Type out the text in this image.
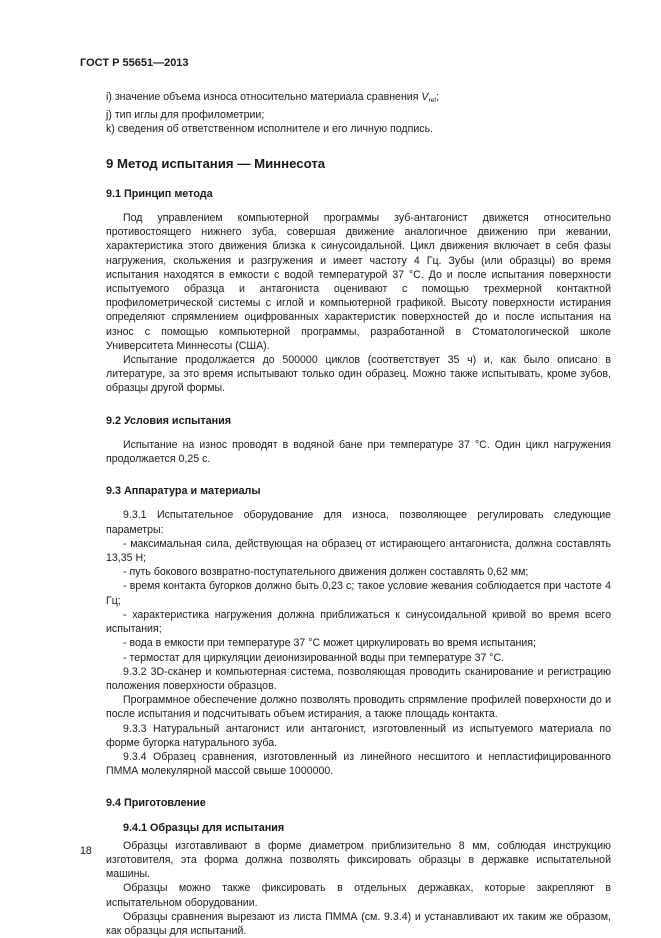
ГОСТ Р 55651—2013

i) значение объема износа относительно материала сравнения $V_{ref}$;

j) тип иглы для профилометрии;

k) сведения об ответственном исполнителе и его личную подпись.

9 Метод испытания — Миннесота
9.1 Принцип метода

Под управлением компьютерной программы зуб-антагонист движется относительно противостоящего нижнего зуба, совершая движение аналогичное движению при жевании, характеристика этого движения близка к синусоидальной. Цикл движения включает в себя фазы нагружения, скольжения и разгружения и имеет частоту 4 Гц. Зубы (или образцы) во время испытания находятся в емкости с водой температурой 37 °С. До и после испытания поверхности испытуемого образца и антагониста оценивают с помощью трехмерной контактной профилометрической системы с иглой и компьютерной графикой. Высоту поверхности истирания определяют спрямлением оцифрованных характеристик поверхностей до и после испытания на износ с помощью компьютерной программы, разработанной в Стоматологической школе Университета Миннесоты (США).

Испытание продолжается до 500000 циклов (соответствует 35 ч) и, как было описано в литературе, за это время испытывают только один образец. Можно также испытывать, кроме зубов, образцы другой формы.

9.2 Условия испытания

Испытание на износ проводят в водяной бане при температуре 37 °С. Один цикл нагружения продолжается 0,25 с.

9.3 Аппаратура и материалы

9.3.1 Испытательное оборудование для износа, позволяющее регулировать следующие параметры:

- максимальная сила, действующая на образец от истирающего антагониста, должна составлять 13,35 Н;

- путь бокового возвратно-поступательного движения должен составлять 0,62 мм;

- время контакта бугорков должно быть 0,23 с; такое условие жевания соблюдается при частоте 4 Гц;

- характеристика нагружения должна приближаться к синусоидальной кривой во время всего испытания;

- вода в емкости при температуре 37 °С может циркулировать во время испытания;

- термостат для циркуляции деионизированной воды при температуре 37 °С.

9.3.2 3D-сканер и компьютерная система, позволяющая проводить сканирование и регистрацию положения поверхности образцов.

Программное обеспечение должно позволять проводить спрямление профилей поверхности до и после испытания и подсчитывать объем истирания, а также площадь контакта.

9.3.3 Натуральный антагонист или антагонист, изготовленный из испытуемого материала по форме бугорка натурального зуба.

9.3.4 Образец сравнения, изготовленный из линейного несшитого и непластифицированного ПММА молекулярной массой свыше 1000000.

9.4 Приготовление
9.4.1 Образцы для испытания

Образцы изготавливают в форме диаметром приблизительно 8 мм, соблюдая инструкцию изготовителя, эта форма должна позволять фиксировать образцы в державке испытательной машины.

Образцы можно также фиксировать в отдельных державках, которые закрепляют в испытательном оборудовании.

Образцы сравнения вырезают из листа ПММА (см. 9.3.4) и устанавливают их таким же образом, как образцы для испытаний.

18
